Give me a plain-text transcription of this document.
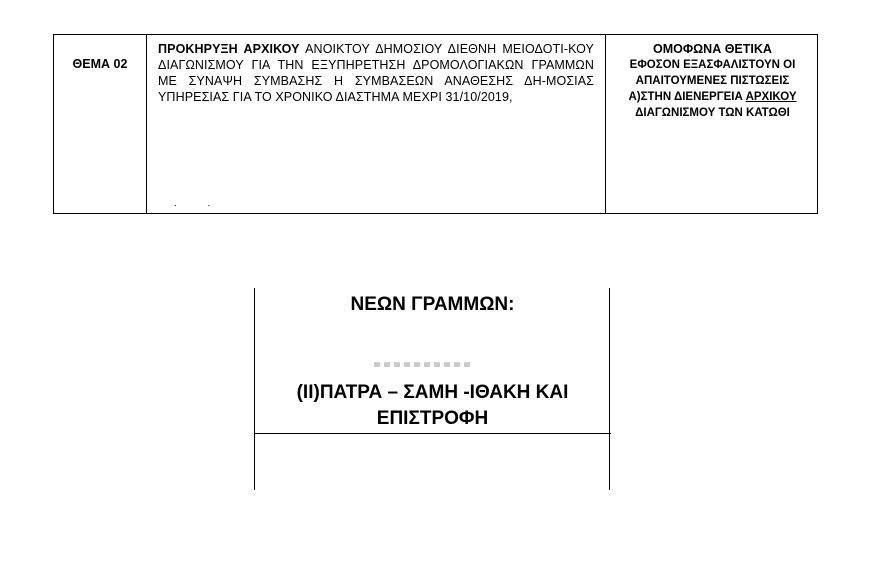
ΘΕΜΑ 02
ΠΡΟΚΗΡΥΞΗ ΑΡΧΙΚΟΥ ΑΝΟΙΚΤΟΥ ΔΗΜΟΣΙΟΥ ΔΙΕΘΝΗ ΜΕΙΟΔΟΤΙ-ΚΟΥ ΔΙΑΓΩΝΙΣΜΟΥ ΓΙΑ ΤΗΝ ΕΞΥΠΗΡΕΤΗΣΗ ΔΡΟΜΟΛΟΓΙΑΚΩΝ ΓΡΑΜΜΩΝ ΜΕ ΣΥΝΑΨΗ ΣΥΜΒΑΣΗΣ Η ΣΥΜΒΑΣΕΩΝ ΑΝΑΘΕΣΗΣ ΔΗ-ΜΟΣΙΑΣ ΥΠΗΡΕΣΙΑΣ ΓΙΑ ΤΟ ΧΡΟΝΙΚΟ ΔΙΑΣΤΗΜΑ ΜΕΧΡΙ 31/10/2019,
. .
ΟΜΟΦΩΝΑ ΘΕΤΙΚΑ
ΕΦΟΣΟΝ ΕΞΑΣΦΑΛΙΣΤΟΥΝ ΟΙ
ΑΠΑΙΤΟΥΜΕΝΕΣ ΠΙΣΤΩΣΕΙΣ
Α)ΣΤΗΝ ΔΙΕΝΕΡΓΕΙΑ ΑΡΧΙΚΟΥ
ΔΙΑΓΩΝΙΣΜΟΥ ΤΩΝ ΚΑΤΩΘΙ
ΝΕΩΝ ΓΡΑΜΜΩΝ:
(ΙΙ)ΠΑΤΡΑ – ΣΑΜΗ -ΙΘΑΚΗ ΚΑΙ
ΕΠΙΣΤΡΟΦΗ
